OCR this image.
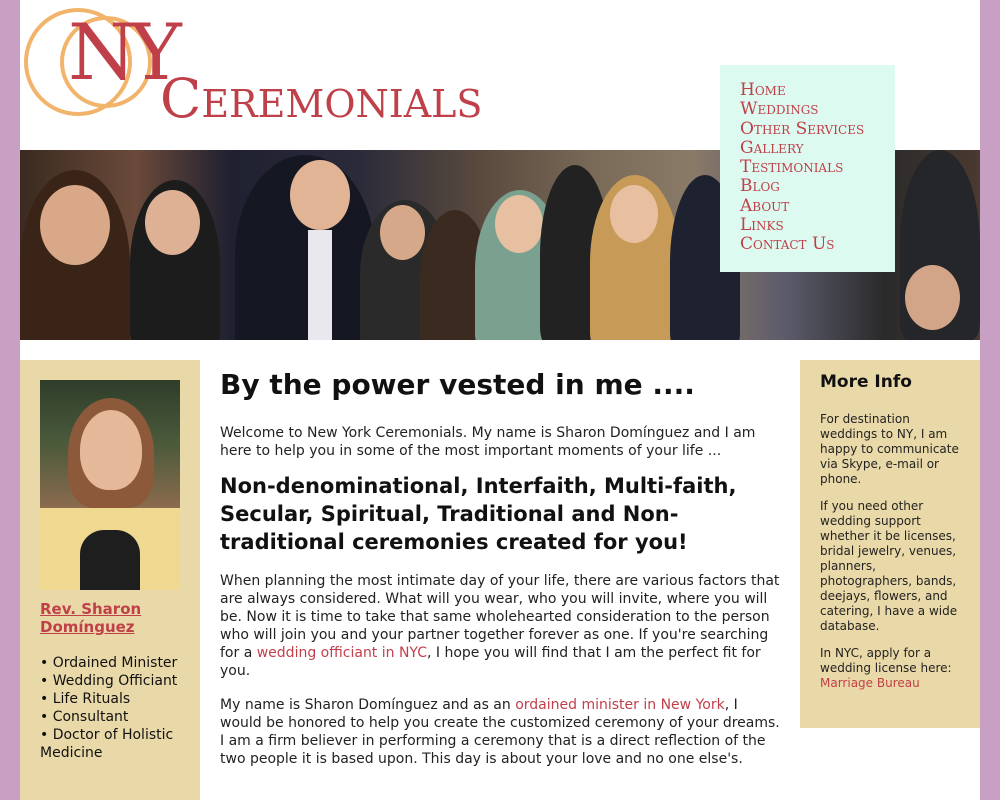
NY
Ceremonials	Home
Weddings
Other Services
Gallery
Testimonials
Blog
About
Links
Contact Us
Rev. Sharon Domínguez
• Ordained Minister
• Wedding Officiant
• Life Rituals
• Consultant
• Doctor of Holistic Medicine
By the power vested in me ....

Welcome to New York Ceremonials. My name is Sharon Domínguez and I am here to help you in some of the most important moments of your life ...

Non-denominational, Interfaith, Multi-faith, Secular, Spiritual, Traditional and Non-traditional ceremonies created for you!

When planning the most intimate day of your life, there are various factors that are always considered. What will you wear, who you will invite, where you will be. Now it is time to take that same wholehearted consideration to the person who will join you and your partner together forever as one. If you're searching for a wedding officiant in NYC, I hope you will find that I am the perfect fit for you.

My name is Sharon Domínguez and as an ordained minister in New York, I would be honored to help you create the customized ceremony of your dreams. I am a firm believer in performing a ceremony that is a direct reflection of the two people it is based upon. This day is about your love and no one else's.

More Info

For destination weddings to NY, I am happy to communicate via Skype, e-mail or phone.

If you need other wedding support whether it be licenses, bridal jewelry, venues, planners, photographers, bands, deejays, flowers, and catering, I have a wide database.

In NYC, apply for a wedding license here:
Marriage Bureau
